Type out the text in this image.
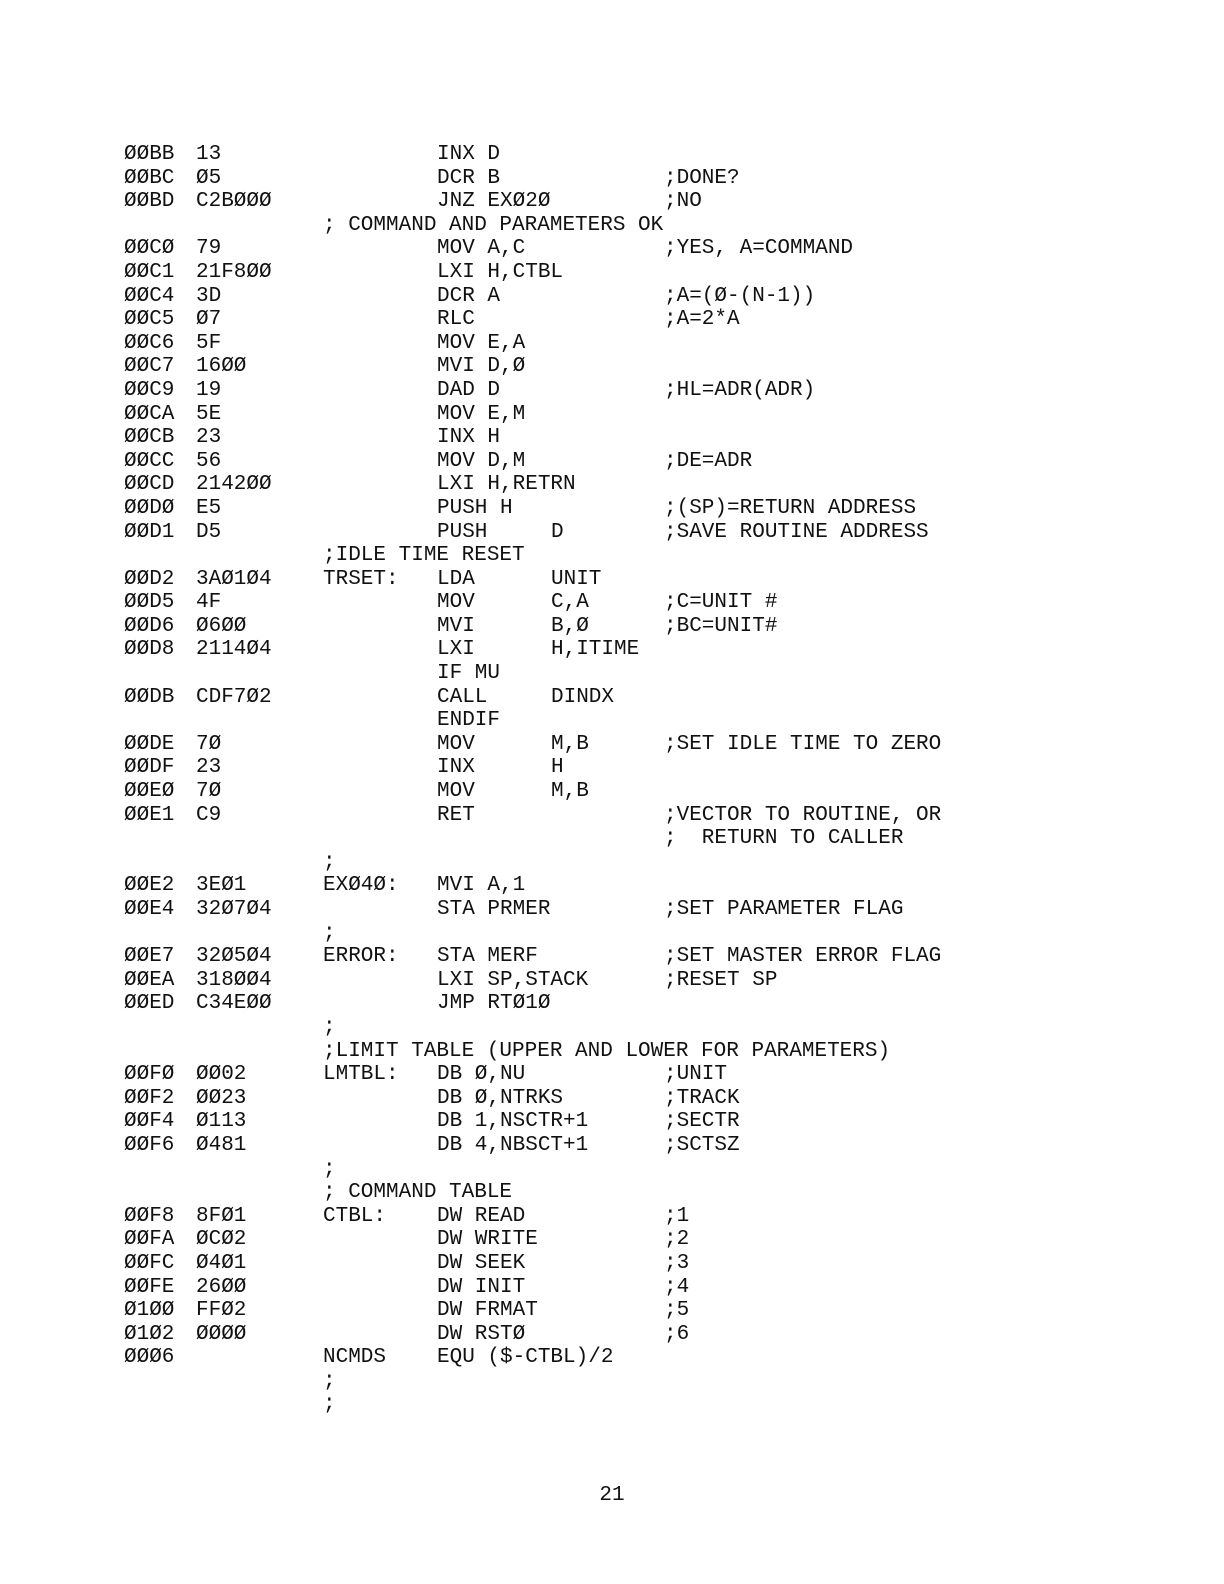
ØØBB 13	INX D
ØØBC Ø5	DCR B	;DONE?
ØØBD C2BØØØ	JNZ EXØ2Ø	;NO
; COMMAND AND PARAMETERS OK
ØØCØ 79	MOV A,C	;YES, A=COMMAND
ØØC1 21F8ØØ	LXI H,CTBL
ØØC4 3D	DCR A	;A=(Ø-(N-1))
ØØC5 Ø7	RLC	;A=2*A
ØØC6 5F	MOV E,A
ØØC7 16ØØ	MVI D,Ø
ØØC9 19	DAD D	;HL=ADR(ADR)
ØØCA 5E	MOV E,M
ØØCB 23	INX H
ØØCC 56	MOV D,M	;DE=ADR
ØØCD 2142ØØ	LXI H,RETRN
ØØDØ E5	PUSH H	;(SP)=RETURN ADDRESS
ØØD1 D5	PUSH	D	;SAVE ROUTINE ADDRESS
;IDLE TIME RESET
ØØD2 3AØ1Ø4 TRSET: LDA	UNIT
ØØD5 4F	MOV	C,A	;C=UNIT #
ØØD6 Ø6ØØ	MVI	B,Ø	;BC=UNIT#
ØØD8 2114Ø4	LXI	H,ITIME
IF MU
ØØDB CDF7Ø2	CALL	DINDX
ENDIF
ØØDE 7Ø	MOV	M,B	;SET IDLE TIME TO ZERO
ØØDF 23	INX	H
ØØEØ 7Ø	MOV	M,B
ØØE1 C9	RET	;VECTOR TO ROUTINE, OR
;  RETURN TO CALLER
;
ØØE2 3EØ1	EXØ4Ø: MVI A,1
ØØE4 32Ø7Ø4	STA PRMER	;SET PARAMETER FLAG
;
ØØE7 32Ø5Ø4 ERROR: STA MERF	;SET MASTER ERROR FLAG
ØØEA 318ØØ4	LXI SP,STACK	;RESET SP
ØØED C34EØØ	JMP RTØ1Ø
;
;LIMIT TABLE (UPPER AND LOWER FOR PARAMETERS)
ØØFØ ØØ02	LMTBL: DB Ø,NU	;UNIT
ØØF2 ØØ23	DB Ø,NTRKS	;TRACK
ØØF4 Ø113	DB 1,NSCTR+1	;SECTR
ØØF6 Ø481	DB 4,NBSCT+1	;SCTSZ
;
; COMMAND TABLE
ØØF8 8FØ1	CTBL: DW READ	;1
ØØFA ØCØ2	DW WRITE	;2
ØØFC Ø4Ø1	DW SEEK	;3
ØØFE 26ØØ	DW INIT	;4
Ø1ØØ FFØ2	DW FRMAT	;5
Ø1Ø2 ØØØØ	DW RSTØ	;6
ØØØ6	NCMDS EQU ($-CTBL)/2
;
;
21
